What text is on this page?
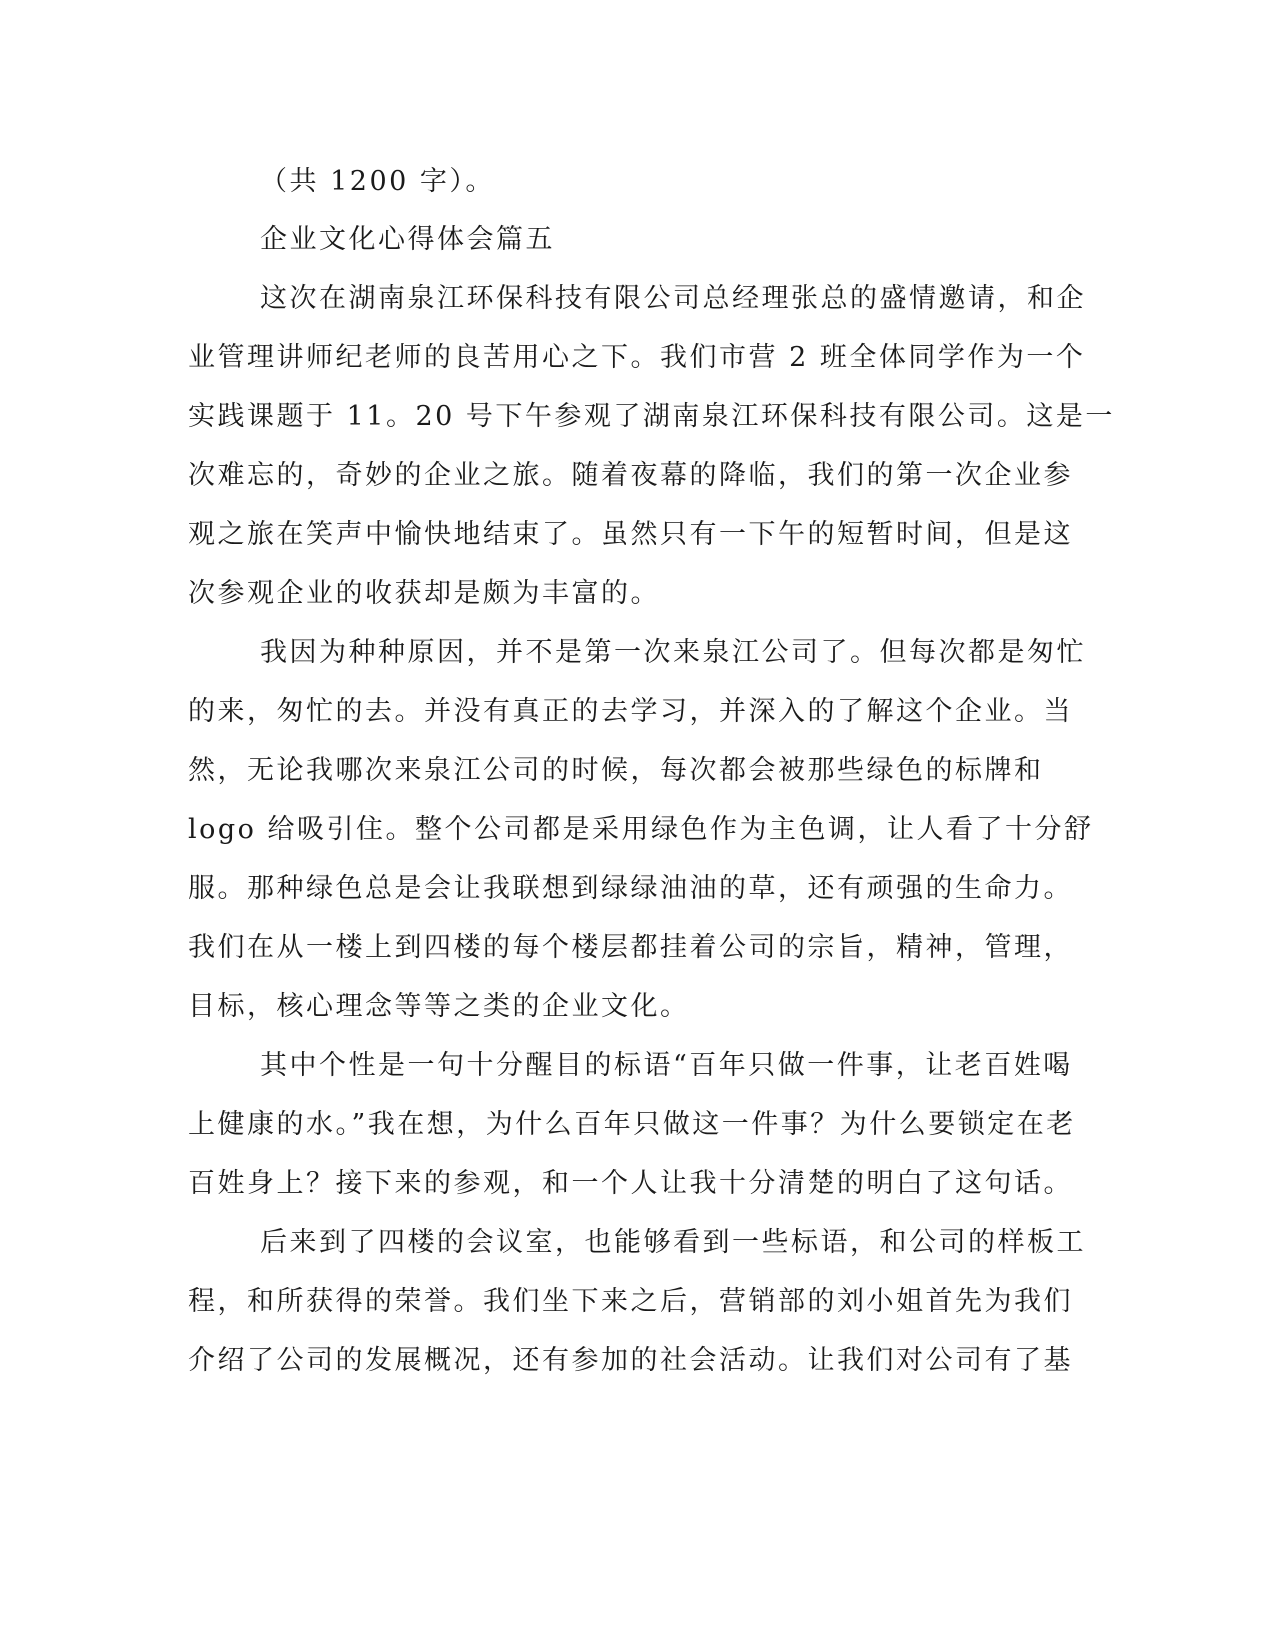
（共 1200 字）。
企业文化心得体会篇五
这次在湖南泉江环保科技有限公司总经理张总的盛情邀请，和企
业管理讲师纪老师的良苦用心之下。我们市营 2 班全体同学作为一个
实践课题于 11。20 号下午参观了湖南泉江环保科技有限公司。这是一
次难忘的，奇妙的企业之旅。随着夜幕的降临，我们的第一次企业参
观之旅在笑声中愉快地结束了。虽然只有一下午的短暂时间，但是这
次参观企业的收获却是颇为丰富的。
我因为种种原因，并不是第一次来泉江公司了。但每次都是匆忙
的来，匆忙的去。并没有真正的去学习，并深入的了解这个企业。当
然，无论我哪次来泉江公司的时候，每次都会被那些绿色的标牌和
logo 给吸引住。整个公司都是采用绿色作为主色调，让人看了十分舒
服。那种绿色总是会让我联想到绿绿油油的草，还有顽强的生命力。
我们在从一楼上到四楼的每个楼层都挂着公司的宗旨，精神，管理，
目标，核心理念等等之类的企业文化。
其中个性是一句十分醒目的标语“百年只做一件事，让老百姓喝
上健康的水。”我在想，为什么百年只做这一件事？为什么要锁定在老
百姓身上？接下来的参观，和一个人让我十分清楚的明白了这句话。
后来到了四楼的会议室，也能够看到一些标语，和公司的样板工
程，和所获得的荣誉。我们坐下来之后，营销部的刘小姐首先为我们
介绍了公司的发展概况，还有参加的社会活动。让我们对公司有了基
